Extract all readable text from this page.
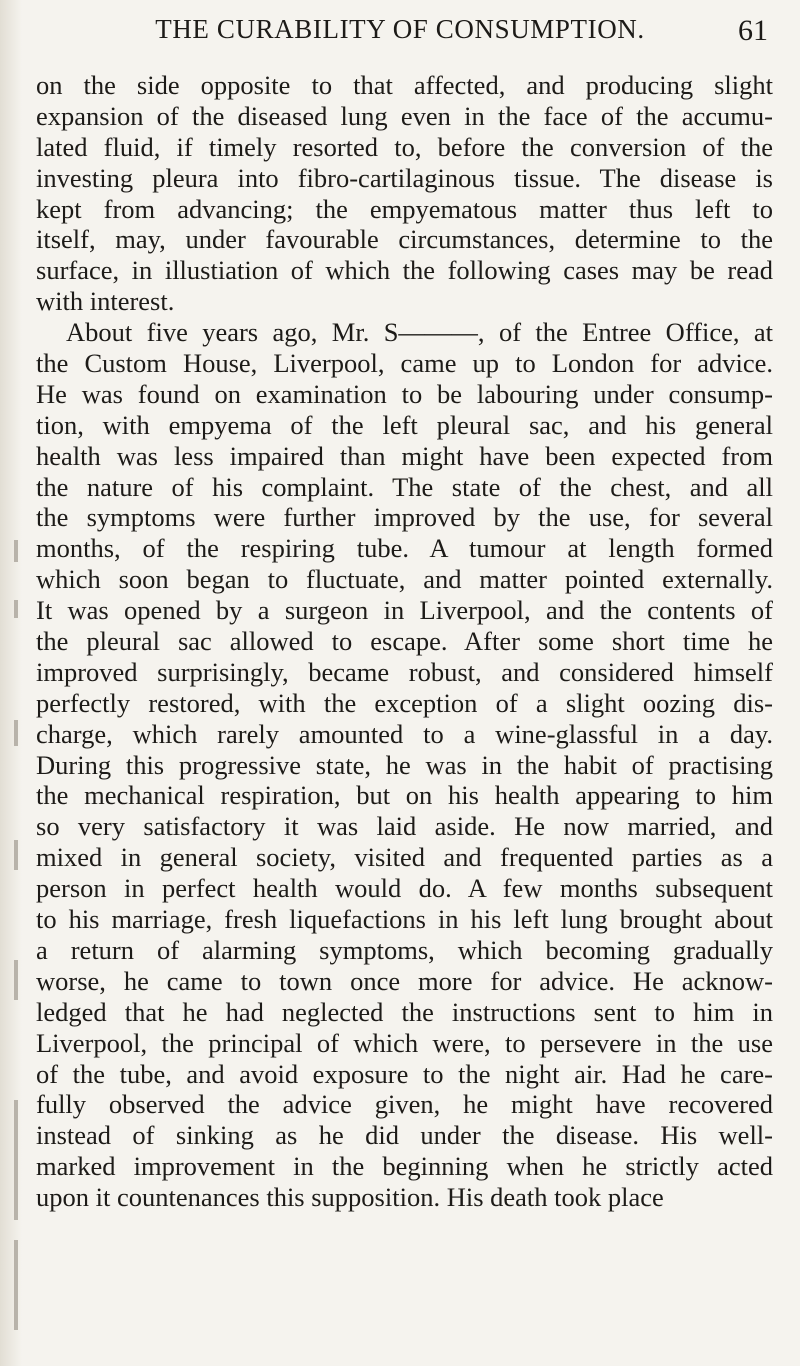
THE CURABILITY OF CONSUMPTION.	61
on the side opposite to that affected, and producing slight
expansion of the diseased lung even in the face of the accumu-
lated fluid, if timely resorted to, before the conversion of the
investing pleura into fibro-cartilaginous tissue. The disease is
kept from advancing; the empyematous matter thus left to
itself, may, under favourable circumstances, determine to the
surface, in illustiation of which the following cases may be read
with interest.
About five years ago, Mr. S———, of the Entree Office, at
the Custom House, Liverpool, came up to London for advice.
He was found on examination to be labouring under consump-
tion, with empyema of the left pleural sac, and his general
health was less impaired than might have been expected from
the nature of his complaint. The state of the chest, and all
the symptoms were further improved by the use, for several
months, of the respiring tube. A tumour at length formed
which soon began to fluctuate, and matter pointed externally.
It was opened by a surgeon in Liverpool, and the contents of
the pleural sac allowed to escape. After some short time he
improved surprisingly, became robust, and considered himself
perfectly restored, with the exception of a slight oozing dis-
charge, which rarely amounted to a wine-glassful in a day.
During this progressive state, he was in the habit of practising
the mechanical respiration, but on his health appearing to him
so very satisfactory it was laid aside. He now married, and
mixed in general society, visited and frequented parties as a
person in perfect health would do. A few months subsequent
to his marriage, fresh liquefactions in his left lung brought about
a return of alarming symptoms, which becoming gradually
worse, he came to town once more for advice. He acknow-
ledged that he had neglected the instructions sent to him in
Liverpool, the principal of which were, to persevere in the use
of the tube, and avoid exposure to the night air. Had he care-
fully observed the advice given, he might have recovered
instead of sinking as he did under the disease. His well-
marked improvement in the beginning when he strictly acted
upon it countenances this supposition. His death took place
